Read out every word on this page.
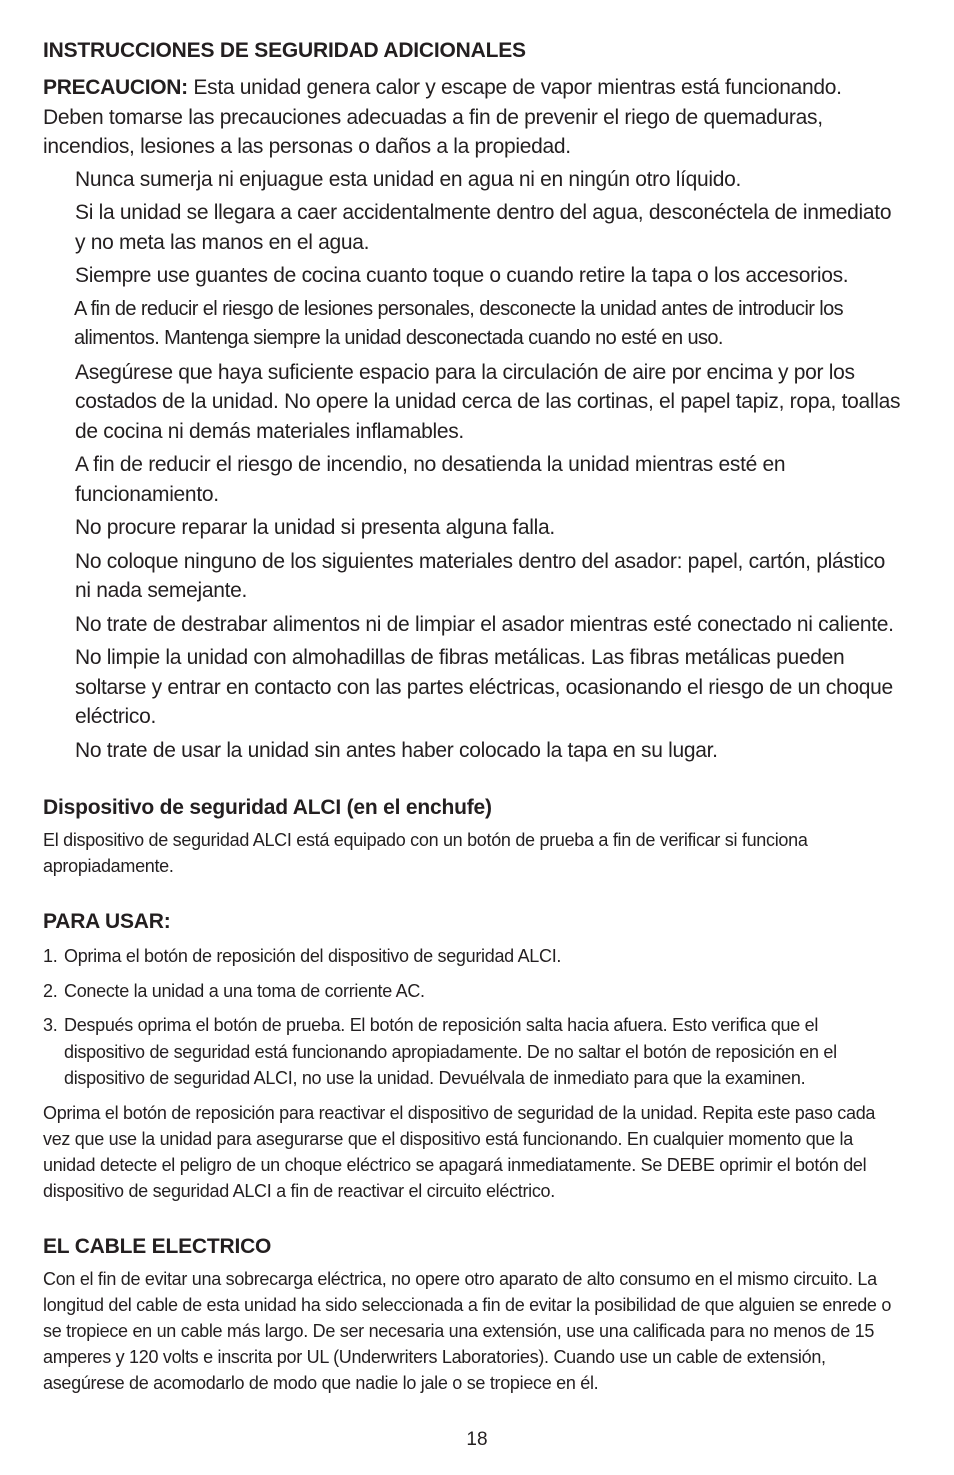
INSTRUCCIONES DE SEGURIDAD ADICIONALES

PRECAUCION: Esta unidad genera calor y escape de vapor mientras está funcionando. Deben tomarse las precauciones adecuadas a fin de prevenir el riego de quemaduras, incendios, lesiones a las personas o daños a la propiedad.

Nunca sumerja ni enjuague esta unidad en agua ni en ningún otro líquido.
Si la unidad se llegara a caer accidentalmente dentro del agua, desconéctela de inmediato y no meta las manos en el agua.
Siempre use guantes de cocina cuanto toque o cuando retire la tapa o los accesorios.
A fin de reducir el riesgo de lesiones personales, desconecte la unidad antes de introducir los alimentos. Mantenga siempre la unidad desconectada cuando no esté en uso.
Asegúrese que haya suficiente espacio para la circulación de aire por encima y por los costados de la unidad. No opere la unidad cerca de las cortinas, el papel tapiz, ropa, toallas de cocina ni demás materiales inflamables.
A fin de reducir el riesgo de incendio, no desatienda la unidad mientras esté en funcionamiento.
No procure reparar la unidad si presenta alguna falla.
No coloque ninguno de los siguientes materiales dentro del asador: papel, cartón, plástico ni nada semejante.
No trate de destrabar alimentos ni de limpiar el asador mientras esté conectado ni caliente.
No limpie la unidad con almohadillas de fibras metálicas. Las fibras metálicas pueden soltarse y entrar en contacto con las partes eléctricas, ocasionando el riesgo de un choque eléctrico.
No trate de usar la unidad sin antes haber colocado la tapa en su lugar.
Dispositivo de seguridad ALCI (en el enchufe)

El dispositivo de seguridad ALCI está equipado con un botón de prueba a fin de verificar si funciona apropiadamente.

PARA USAR:
1. Oprima el botón de reposición del dispositivo de seguridad ALCI.
2. Conecte la unidad a una toma de corriente AC.
3. Después oprima el botón de prueba. El botón de reposición salta hacia afuera. Esto verifica que el dispositivo de seguridad está funcionando apropiadamente. De no saltar el botón de reposición en el dispositivo de seguridad ALCI, no use la unidad. Devuélvala de inmediato para que la examinen.

Oprima el botón de reposición para reactivar el dispositivo de seguridad de la unidad. Repita este paso cada vez que use la unidad para asegurarse que el dispositivo está funcionando. En cualquier momento que la unidad detecte el peligro de un choque eléctrico se apagará inmediatamente. Se DEBE oprimir el botón del dispositivo de seguridad ALCI a fin de reactivar el circuito eléctrico.

EL CABLE ELECTRICO

Con el fin de evitar una sobrecarga eléctrica, no opere otro aparato de alto consumo en el mismo circuito. La longitud del cable de esta unidad ha sido seleccionada a fin de evitar la posibilidad de que alguien se enrede o se tropiece en un cable más largo. De ser necesaria una extensión, use una calificada para no menos de 15 amperes y 120 volts e inscrita por UL (Underwriters Laboratories). Cuando use un cable de extensión, asegúrese de acomodarlo de modo que nadie lo jale o se tropiece en él.

18
